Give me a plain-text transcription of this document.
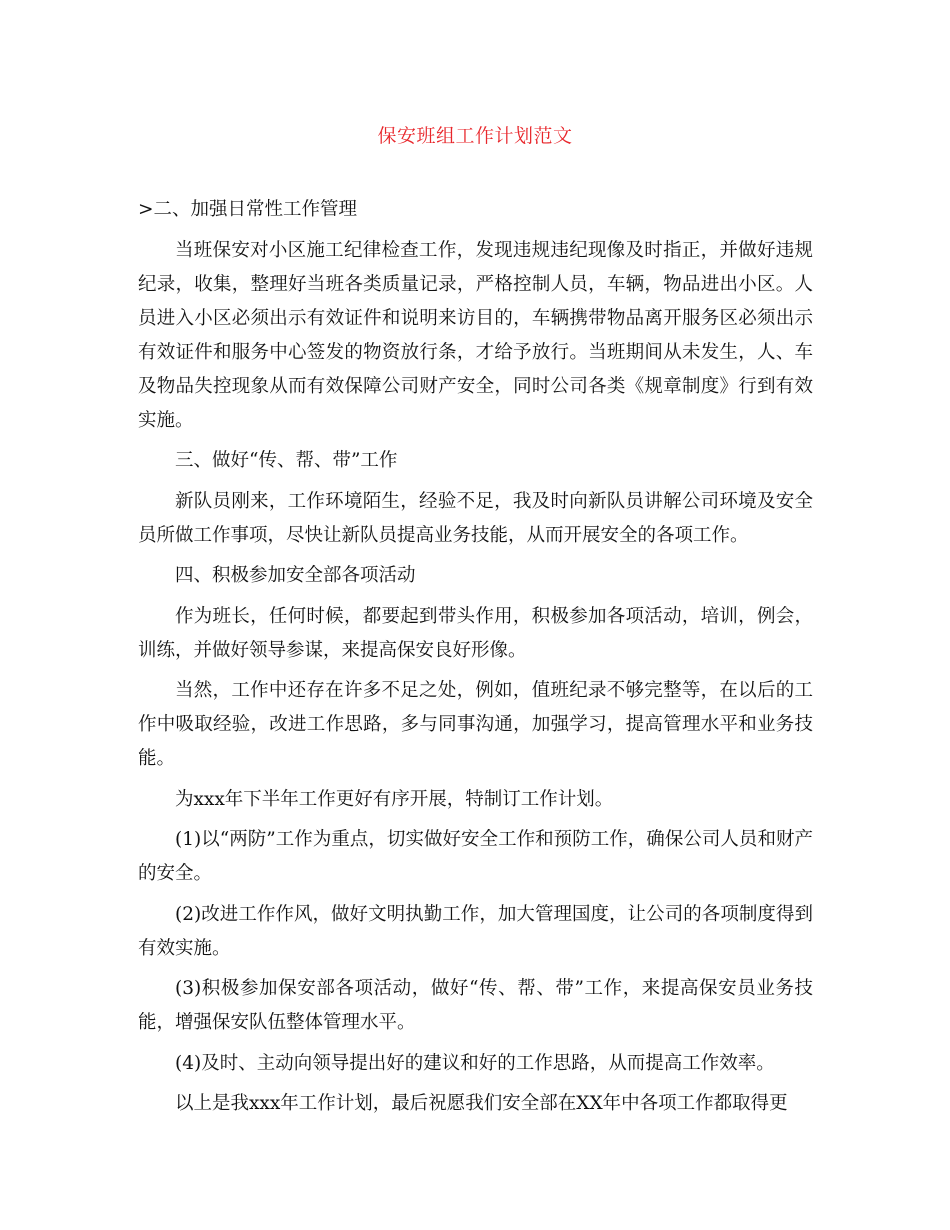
保安班组工作计划范文

>二、加强日常性工作管理

当班保安对小区施工纪律检查工作，发现违规违纪现像及时指正，并做好违规纪录，收集，整理好当班各类质量记录，严格控制人员，车辆，物品进出小区。人员进入小区必须出示有效证件和说明来访目的，车辆携带物品离开服务区必须出示有效证件和服务中心签发的物资放行条，才给予放行。当班期间从未发生，人、车及物品失控现象从而有效保障公司财产安全，同时公司各类《规章制度》行到有效实施。

三、做好“传、帮、带”工作

新队员刚来，工作环境陌生，经验不足，我及时向新队员讲解公司环境及安全员所做工作事项，尽快让新队员提高业务技能，从而开展安全的各项工作。

四、积极参加安全部各项活动

作为班长，任何时候，都要起到带头作用，积极参加各项活动，培训，例会，训练，并做好领导参谋，来提高保安良好形像。

当然，工作中还存在许多不足之处，例如，值班纪录不够完整等，在以后的工作中吸取经验，改进工作思路，多与同事沟通，加强学习，提高管理水平和业务技能。

为xxx年下半年工作更好有序开展，特制订工作计划。

(1)以“两防”工作为重点，切实做好安全工作和预防工作，确保公司人员和财产的安全。

(2)改进工作作风，做好文明执勤工作，加大管理国度，让公司的各项制度得到有效实施。

(3)积极参加保安部各项活动，做好“传、帮、带”工作，来提高保安员业务技能，增强保安队伍整体管理水平。

(4)及时、主动向领导提出好的建议和好的工作思路，从而提高工作效率。

以上是我xxx年工作计划，最后祝愿我们安全部在XX年中各项工作都取得更
